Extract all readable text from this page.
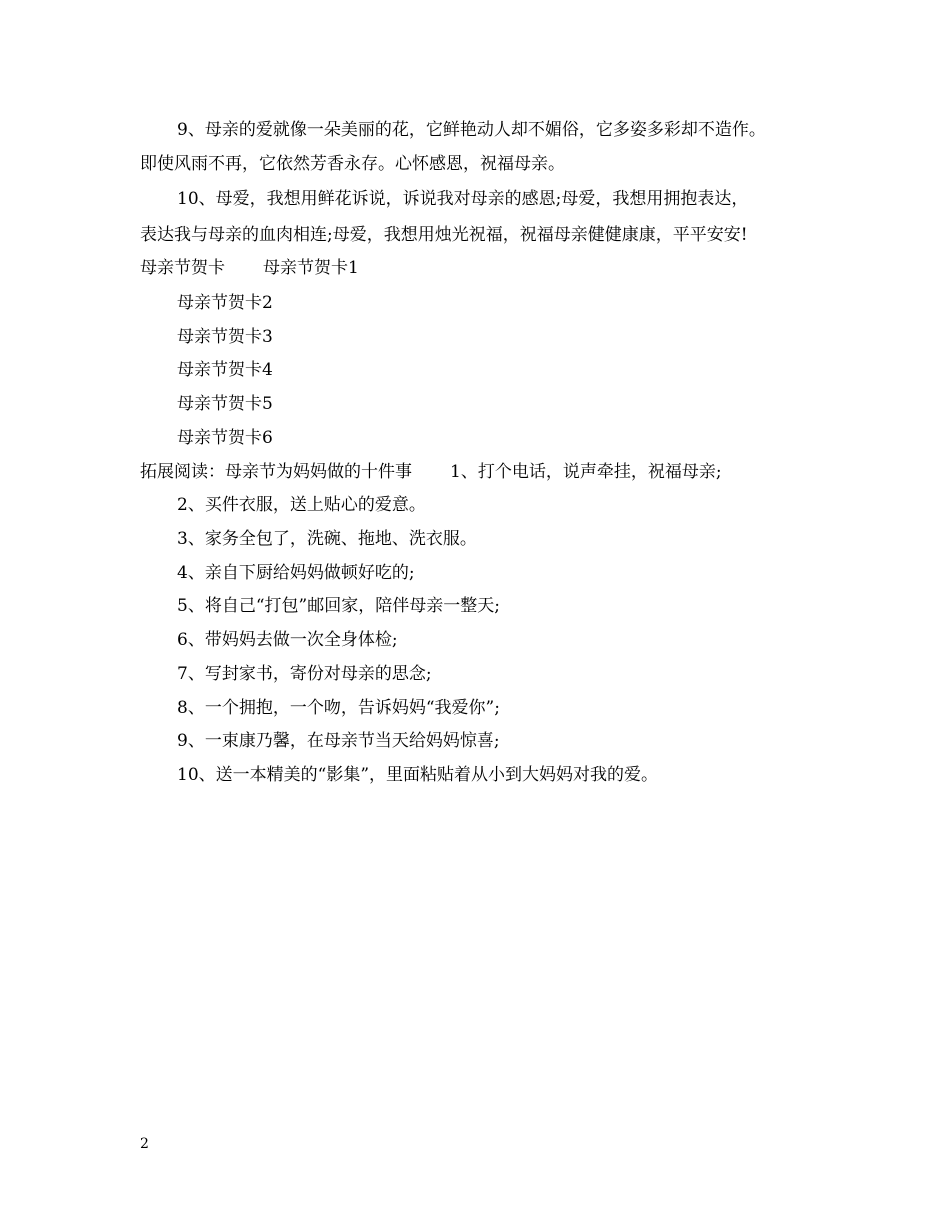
9、母亲的爱就像一朵美丽的花，它鲜艳动人却不媚俗，它多姿多彩却不造作。
即使风雨不再，它依然芳香永存。心怀感恩，祝福母亲。
10、母爱，我想用鲜花诉说，诉说我对母亲的感恩;母爱，我想用拥抱表达，
表达我与母亲的血肉相连;母爱，我想用烛光祝福，祝福母亲健健康康，平平安安!
母亲节贺卡 母亲节贺卡1
母亲节贺卡2
母亲节贺卡3
母亲节贺卡4
母亲节贺卡5
母亲节贺卡6
拓展阅读：母亲节为妈妈做的十件事 1、打个电话，说声牵挂，祝福母亲;
2、买件衣服，送上贴心的爱意。
3、家务全包了，洗碗、拖地、洗衣服。
4、亲自下厨给妈妈做顿好吃的;
5、将自己“打包”邮回家，陪伴母亲一整天;
6、带妈妈去做一次全身体检;
7、写封家书，寄份对母亲的思念;
8、一个拥抱，一个吻，告诉妈妈“我爱你”;
9、一束康乃馨，在母亲节当天给妈妈惊喜;
10、送一本精美的“影集”，里面粘贴着从小到大妈妈对我的爱。
2
